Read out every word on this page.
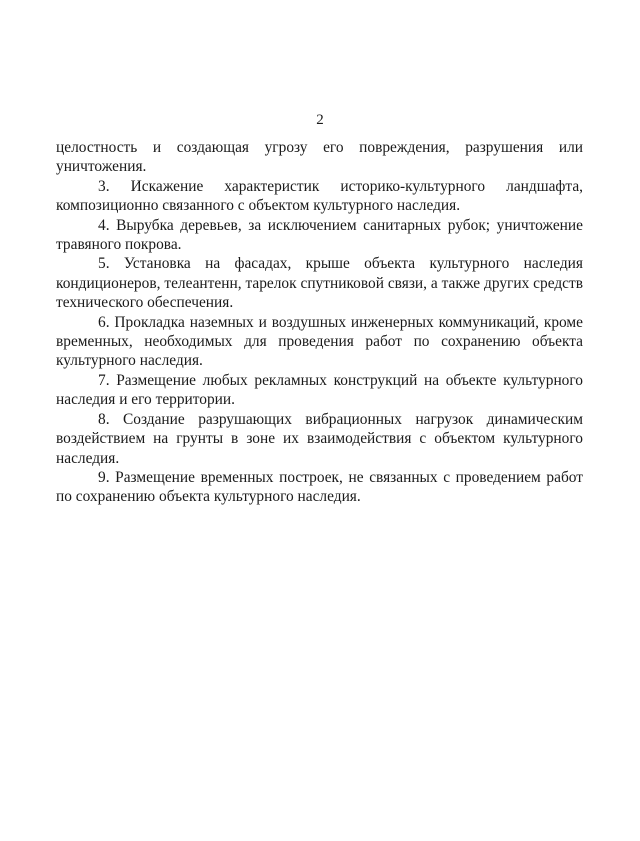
2

целостность и создающая угрозу его повреждения, разрушения или уничтожения.

3. Искажение характеристик историко-культурного ландшафта, композиционно связанного с объектом культурного наследия.

4. Вырубка деревьев, за исключением санитарных рубок; уничтожение травяного покрова.

5. Установка на фасадах, крыше объекта культурного наследия кондиционеров, телеантенн, тарелок спутниковой связи, а также других средств технического обеспечения.

6. Прокладка наземных и воздушных инженерных коммуникаций, кроме временных, необходимых для проведения работ по сохранению объекта культурного наследия.

7. Размещение любых рекламных конструкций на объекте культурного наследия и его территории.

8. Создание разрушающих вибрационных нагрузок динамическим воздействием на грунты в зоне их взаимодействия с объектом культурного наследия.

9. Размещение временных построек, не связанных с проведением работ по сохранению объекта культурного наследия.
